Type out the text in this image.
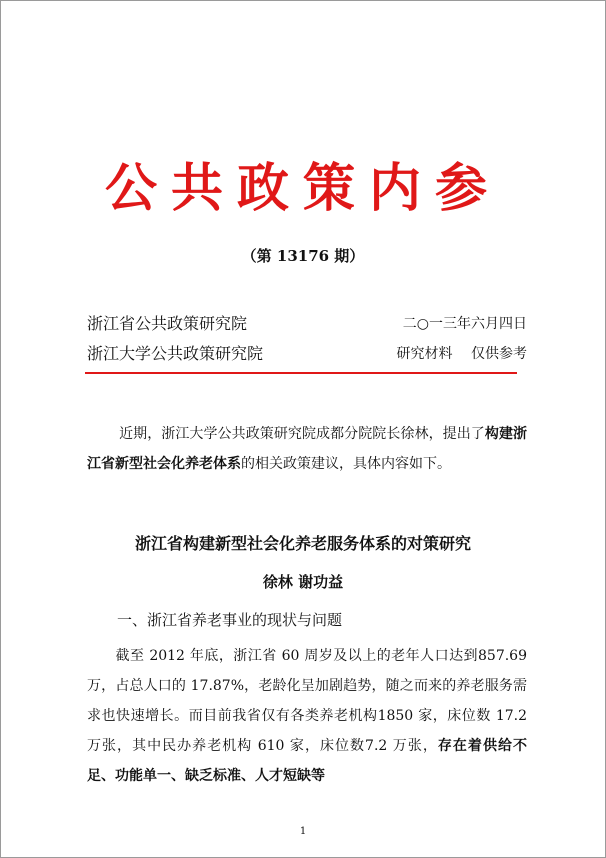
公共政策内参
（第 13176 期）
浙江省公共政策研究院	二○一三年六月四日
浙江大学公共政策研究院	研究材料　 仅供参考
近期，浙江大学公共政策研究院成都分院院长徐林，提出了构建浙江省新型社会化养老体系的相关政策建议，具体内容如下。
浙江省构建新型社会化养老服务体系的对策研究
徐林 谢功益
一、浙江省养老事业的现状与问题
截至 2012 年底，浙江省 60 周岁及以上的老年人口达到857.69 万，占总人口的 17.87%，老龄化呈加剧趋势，随之而来的养老服务需求也快速增长。而目前我省仅有各类养老机构1850 家，床位数 17.2 万张，其中民办养老机构 610 家，床位数7.2 万张，存在着供给不足、功能单一、缺乏标准、人才短缺等
1
